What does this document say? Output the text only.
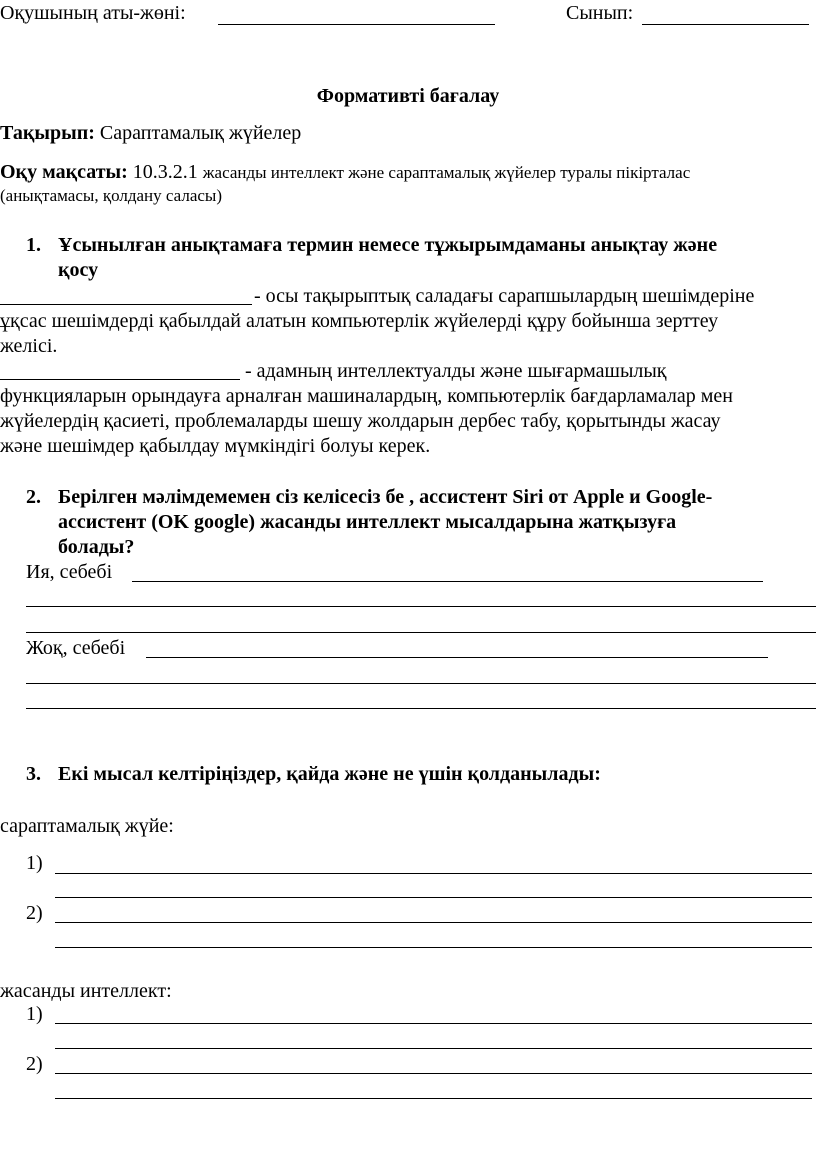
Оқушының аты-жөні:	Сынып:
Формативті бағалау
Тақырып: Сараптамалық жүйелер
Оқу мақсаты: 10.3.2.1 жасанды интеллект және сараптамалық жүйелер туралы пікірталас
(анықтамасы, қолдану саласы)
1. Ұсынылған анықтамаға термин немесе тұжырымдаманы анықтау және
қосу
- осы тақырыптық саладағы сарапшылардың шешімдеріне
ұқсас шешімдерді қабылдай алатын компьютерлік жүйелерді құру бойынша зерттеу
желісі.
- адамның интеллектуалды және шығармашылық
функцияларын орындауға арналған машиналардың, компьютерлік бағдарламалар мен
жүйелердің қасиеті, проблемаларды шешу жолдарын дербес табу, қорытынды жасау
және шешімдер қабылдау мүмкіндігі болуы керек.
2. Берілген мәлімдемемен сіз келісесіз бе , ассистент Siri от Apple и Google-
ассистент (OK google) жасанды интеллект мысалдарына жатқызуға
болады?
Ия, себебі
Жоқ, себебі
3. Екі мысал келтіріңіздер, қайда және не үшін қолданылады:
сараптамалық жүйе:
1)
2)
жасанды интеллект:
1)
2)
